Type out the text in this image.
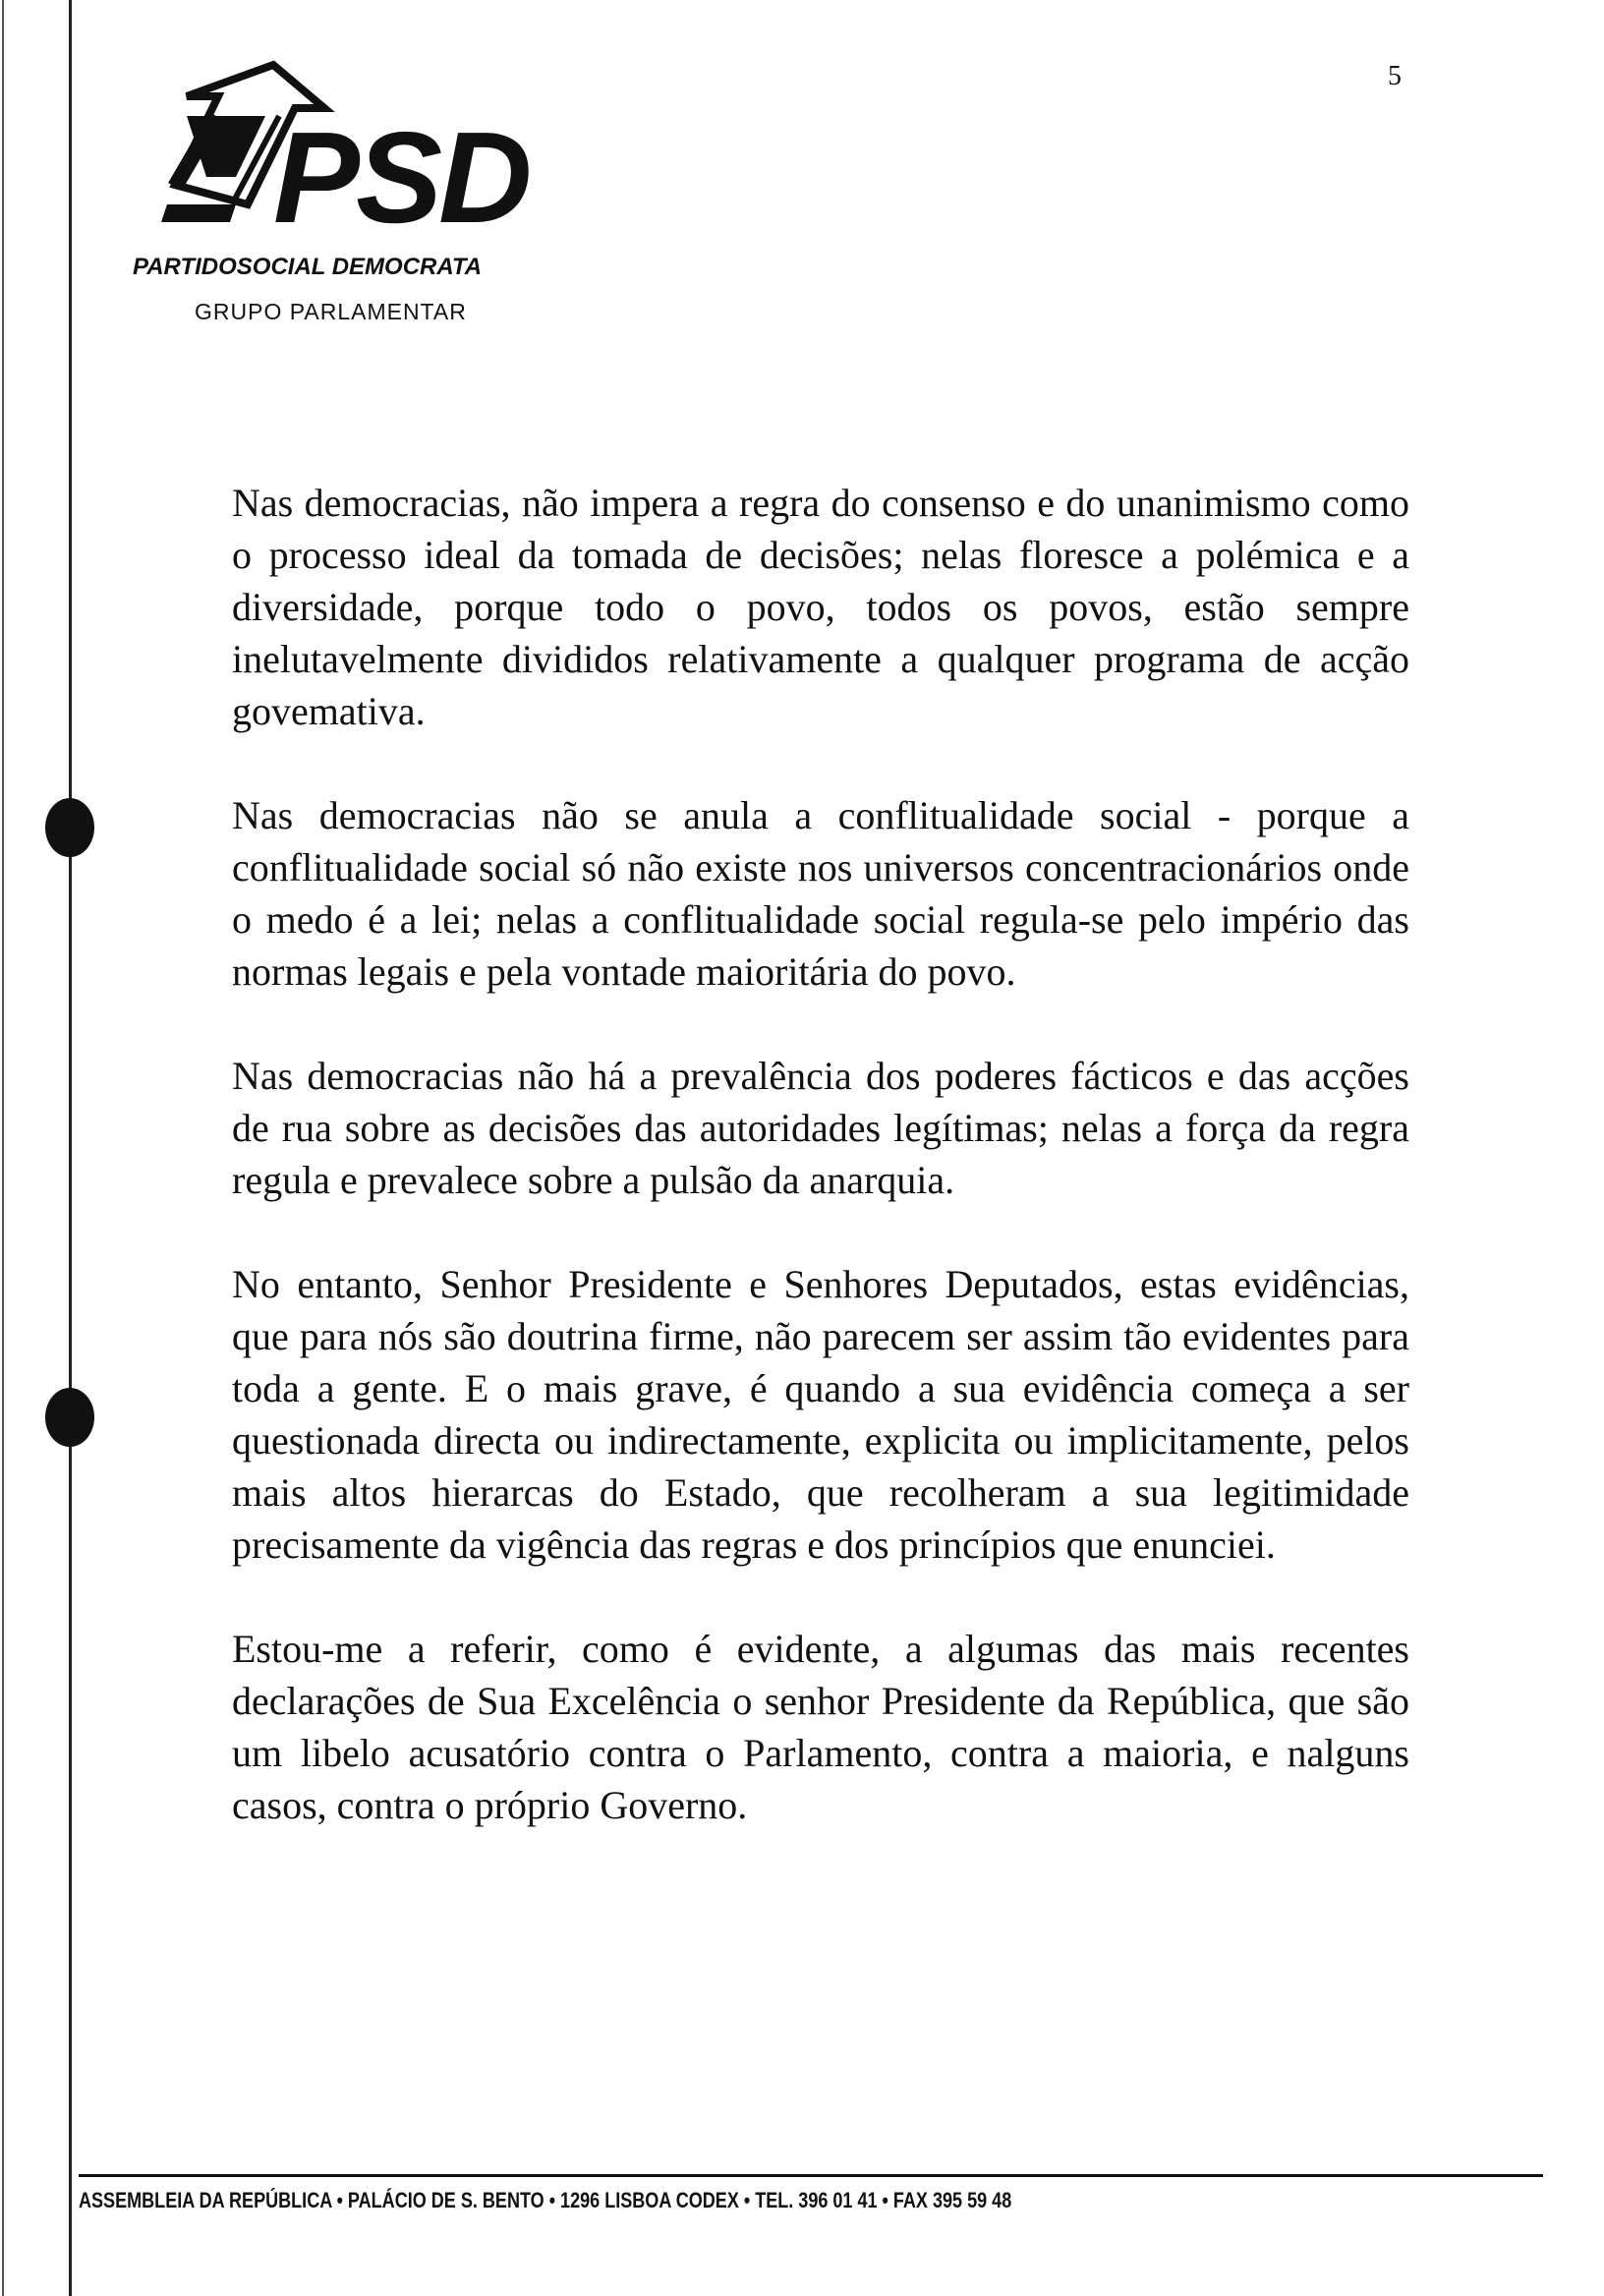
5
PSD
PARTIDOSOCIAL DEMOCRATA
GRUPO PARLAMENTAR

Nas democracias, não impera a regra do consenso e do unanimismo como o processo ideal da tomada de decisões; nelas floresce a polémica e a diversidade, porque todo o povo, todos os povos, estão sempre inelutavelmente divididos relativamente a qualquer programa de acção govemativa.

Nas democracias não se anula a conflitualidade social - porque a conflitualidade social só não existe nos universos concentracionários onde o medo é a lei; nelas a conflitualidade social regula-se pelo império das normas legais e pela vontade maioritária do povo.

Nas democracias não há a prevalência dos poderes fácticos e das acções de rua sobre as decisões das autoridades legítimas; nelas a força da regra regula e prevalece sobre a pulsão da anarquia.

No entanto, Senhor Presidente e Senhores Deputados, estas evidências, que para nós são doutrina firme, não parecem ser assim tão evidentes para toda a gente. E o mais grave, é quando a sua evidência começa a ser questionada directa ou indirectamente, explicita ou implicitamente, pelos mais altos hierarcas do Estado, que recolheram a sua legitimidade precisamente da vigência das regras e dos princípios que enunciei.

Estou-me a referir, como é evidente, a algumas das mais recentes declarações de Sua Excelência o senhor Presidente da República, que são um libelo acusatório contra o Parlamento, contra a maioria, e nalguns casos, contra o próprio Governo.

ASSEMBLEIA DA REPÚBLICA • PALÁCIO DE S. BENTO • 1296 LISBOA CODEX • TEL. 396 01 41 • FAX 395 59 48
